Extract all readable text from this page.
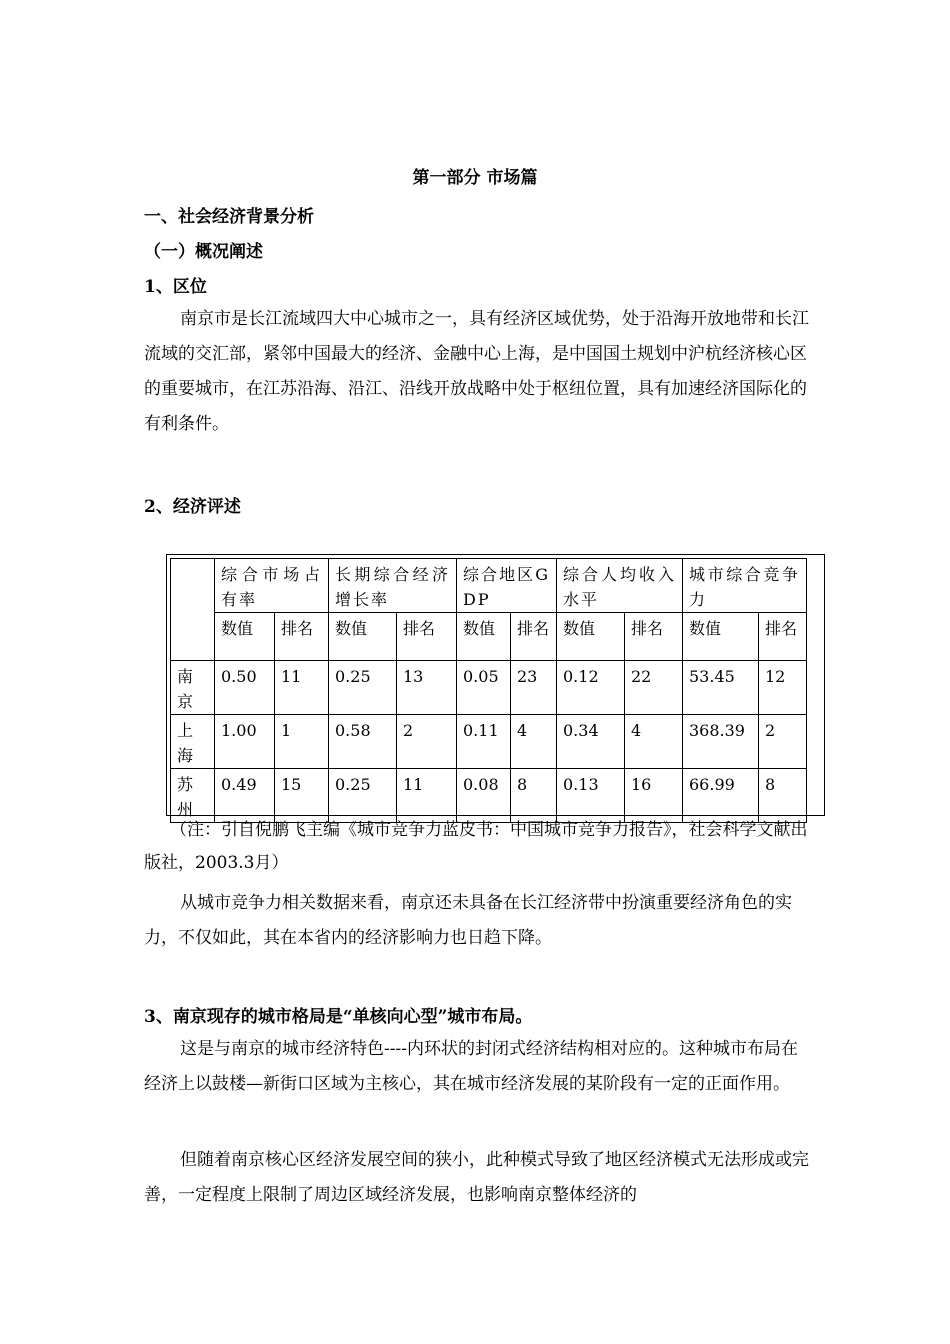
第一部分 市场篇
一、社会经济背景分析
（一）概况阐述
1、区位
南京市是长江流域四大中心城市之一，具有经济区域优势，处于沿海开放地带和长江流域的交汇部，紧邻中国最大的经济、金融中心上海，是中国国土规划中沪杭经济核心区的重要城市，在江苏沿海、沿江、沿线开放战略中处于枢纽位置，具有加速经济国际化的有利条件。
2、经济评述
	综合市场占有率		长期综合经济增长率		综合地区GDP		综合人均收入水平		城市综合竞争力	
	数值	排名	数值	排名	数值	排名	数值	排名	数值	排名
南京	0.50	11	0.25	13	0.05	23	0.12	22	53.45	12
上海	1.00	1	0.58	2	0.11	4	0.34	4	368.39	2
苏州	0.49	15	0.25	11	0.08	8	0.13	16	66.99	8
（注：引自倪鹏飞主编《城市竞争力蓝皮书：中国城市竞争力报告》，社会科学文献出版社，2003.3月）
从城市竞争力相关数据来看，南京还未具备在长江经济带中扮演重要经济角色的实力，不仅如此，其在本省内的经济影响力也日趋下降。
3、南京现存的城市格局是“单核向心型”城市布局。
这是与南京的城市经济特色----内环状的封闭式经济结构相对应的。这种城市布局在经济上以鼓楼—新街口区域为主核心，其在城市经济发展的某阶段有一定的正面作用。
但随着南京核心区经济发展空间的狭小，此种模式导致了地区经济模式无法形成或完善，一定程度上限制了周边区域经济发展，也影响南京整体经济的
